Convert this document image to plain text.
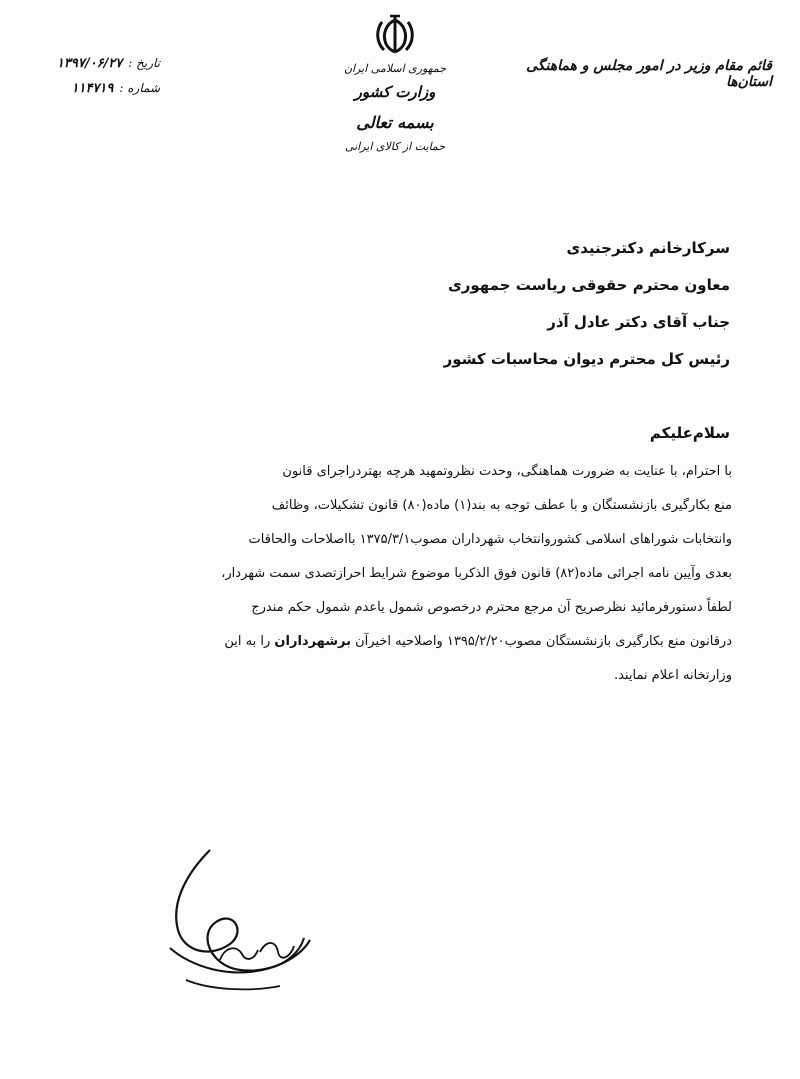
قائم مقام وزیر در امور مجلس و هماهنگی استان‌ها
جمهوری اسلامی ایران
وزارت کشور
بسمه تعالی
حمایت از کالای ایرانی
تاریخ :
۱۳۹۷/۰۶/۲۷
شماره :
۱۱۴۷۱۹
سرکارخانم دکترجنیدی
معاون محترم حقوقی ریاست جمهوری
جناب آقای دکتر عادل آذر
رئیس کل محترم دیوان محاسبات کشور
سلام‌علیکم
با احترام، با عنایت به ضرورت هماهنگی، وحدت نظروتمهید هرچه بهتردراجرای قانون
منع بکارگیری بازنشستگان و با عطف توجه به بند(۱) ماده(۸۰) قانون تشکیلات، وظائف
وانتخابات شوراهای اسلامی کشوروانتخاب شهرداران مصوب۱۳۷۵/۳/۱ بااصلاحات والحاقات
بعدی وآیین نامه اجرائی ماده(۸۲) قانون فوق الذکربا موضوع شرایط احرازتصدی سمت شهردار،
لطفاً دستورفرمائید نظرصریح آن مرجع محترم درخصوص شمول یاعدم شمول حکم مندرج
درقانون منع بکارگیری بازنشستگان مصوب۱۳۹۵/۲/۲۰ واصلاحیه اخیرآن برشهرداران را به این
وزارتخانه اعلام نمایند.
